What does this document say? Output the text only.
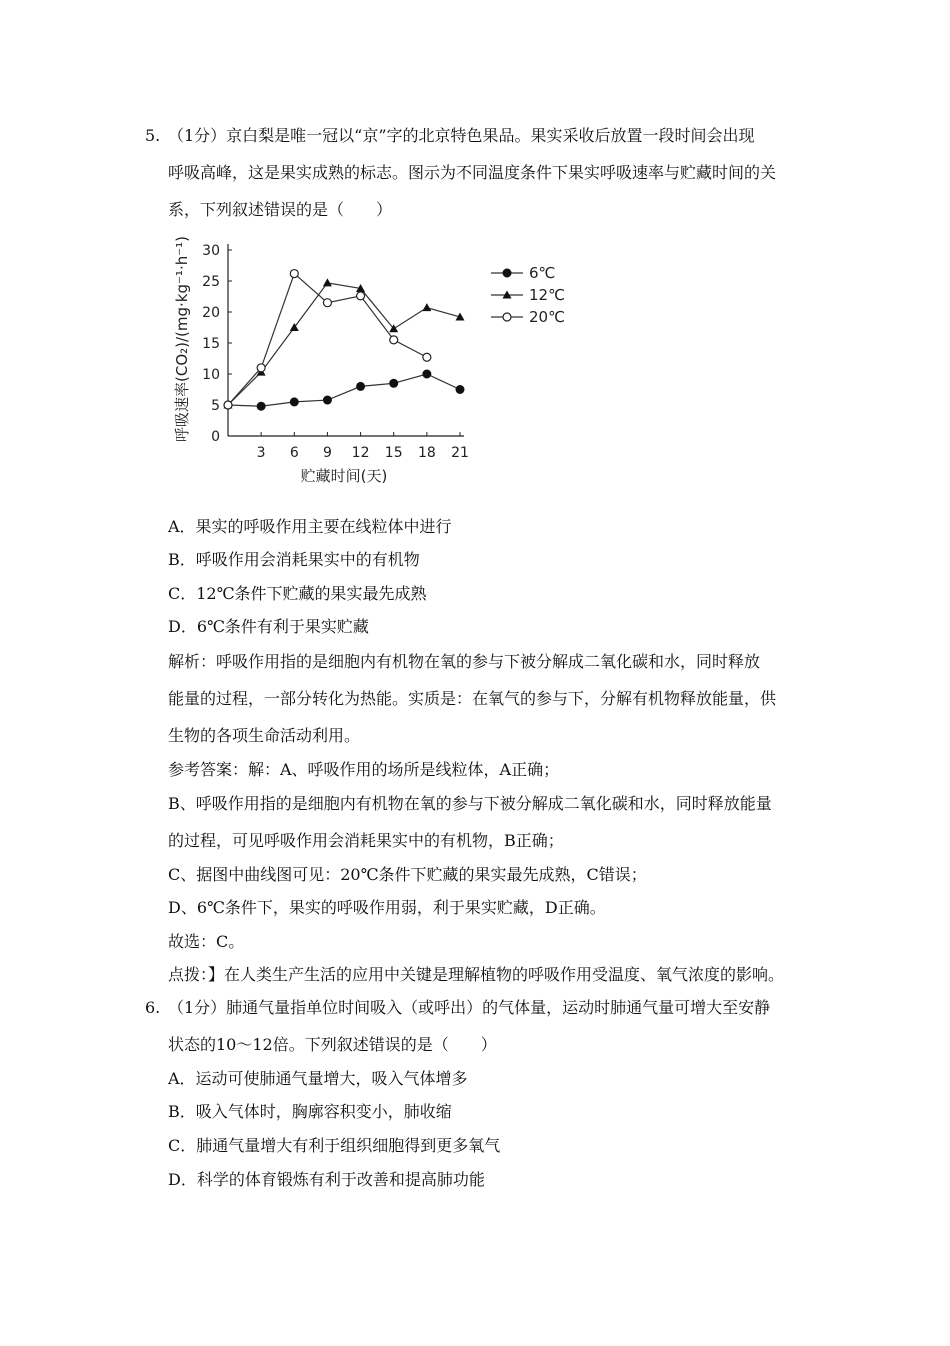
5. （1分）京白梨是唯一冠以“京”字的北京特色果品。果实采收后放置一段时间会出现
呼吸高峰，这是果实成熟的标志。图示为不同温度条件下果实呼吸速率与贮藏时间的关
系，下列叙述错误的是（　　）
贮藏时间(天)
呼吸速率(CO₂)/(mg·kg⁻¹·h⁻¹) 0
5
10
15
20
25
30
3 6 9 12 15 18 21
6℃
12℃
20℃
A．果实的呼吸作用主要在线粒体中进行
B．呼吸作用会消耗果实中的有机物
C．12℃条件下贮藏的果实最先成熟
D．6℃条件有利于果实贮藏
解析：呼吸作用指的是细胞内有机物在氧的参与下被分解成二氧化碳和水，同时释放
能量的过程，一部分转化为热能。实质是：在氧气的参与下，分解有机物释放能量，供
生物的各项生命活动利用。
参考答案：解：A、呼吸作用的场所是线粒体，A正确；
B、呼吸作用指的是细胞内有机物在氧的参与下被分解成二氧化碳和水，同时释放能量
的过程，可见呼吸作用会消耗果实中的有机物，B正确；
C、据图中曲线图可见：20℃条件下贮藏的果实最先成熟，C错误；
D、6℃条件下，果实的呼吸作用弱，利于果实贮藏，D正确。
故选：C。
点拨：】在人类生产生活的应用中关键是理解植物的呼吸作用受温度、氧气浓度的影响。
6. （1分）肺通气量指单位时间吸入（或呼出）的气体量，运动时肺通气量可增大至安静
状态的10～12倍。下列叙述错误的是（　　）
A．运动可使肺通气量增大，吸入气体增多
B．吸入气体时，胸廓容积变小，肺收缩
C．肺通气量增大有利于组织细胞得到更多氧气
D．科学的体育锻炼有利于改善和提高肺功能
